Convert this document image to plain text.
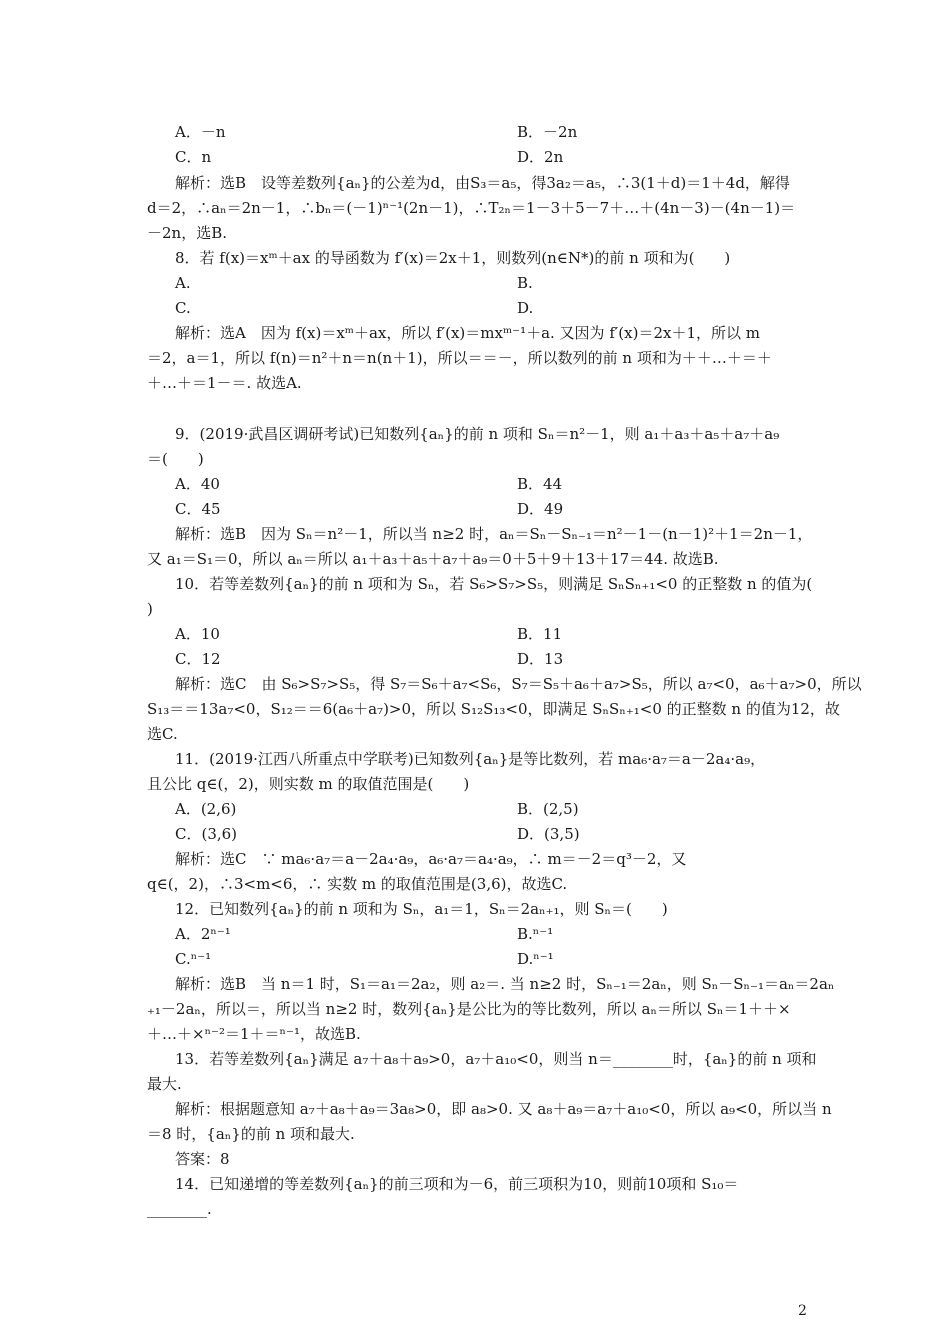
A．－n	B．－2n
C．n	D．2n
解析：选B　设等差数列{aₙ}的公差为d，由S₃＝a₅，得3a₂＝a₅，∴3(1＋d)＝1＋4d，解得
d＝2，∴aₙ＝2n－1，∴bₙ＝(－1)ⁿ⁻¹(2n－1)，∴T₂ₙ＝1－3＋5－7＋…＋(4n－3)－(4n－1)＝
－2n，选B.
8．若 f(x)＝xᵐ＋ax 的导函数为 f′(x)＝2x＋1，则数列(n∈N*)的前 n 项和为(　　)
A.	B.
C.	D.
解析：选A　因为 f(x)＝xᵐ＋ax，所以 f′(x)＝mxᵐ⁻¹＋a. 又因为 f′(x)＝2x＋1，所以 m
＝2，a＝1，所以 f(n)＝n²＋n＝n(n＋1)，所以＝＝－，所以数列的前 n 项和为＋＋…＋＝＋
＋…＋＝1－＝. 故选A.
9．(2019·武昌区调研考试)已知数列{aₙ}的前 n 项和 Sₙ＝n²－1，则 a₁＋a₃＋a₅＋a₇＋a₉
＝(　　)
A．40	B．44
C．45	D．49
解析：选B　因为 Sₙ＝n²－1，所以当 n≥2 时，aₙ＝Sₙ－Sₙ₋₁＝n²－1－(n－1)²＋1＝2n－1，
又 a₁＝S₁＝0，所以 aₙ＝所以 a₁＋a₃＋a₅＋a₇＋a₉＝0＋5＋9＋13＋17＝44. 故选B.
10．若等差数列{aₙ}的前 n 项和为 Sₙ，若 S₆>S₇>S₅，则满足 SₙSₙ₊₁<0 的正整数 n 的值为(
)
A．10	B．11
C．12	D．13
解析：选C　由 S₆>S₇>S₅，得 S₇＝S₆＋a₇<S₆，S₇＝S₅＋a₆＋a₇>S₅，所以 a₇<0，a₆＋a₇>0，所以
S₁₃＝＝13a₇<0，S₁₂＝＝6(a₆＋a₇)>0，所以 S₁₂S₁₃<0，即满足 SₙSₙ₊₁<0 的正整数 n 的值为12，故
选C.
11．(2019·江西八所重点中学联考)已知数列{aₙ}是等比数列，若 ma₆·a₇＝a－2a₄·a₉，
且公比 q∈(，2)，则实数 m 的取值范围是(　　)
A．(2,6)	B．(2,5)
C．(3,6)	D．(3,5)
解析：选C　∵ ma₆·a₇＝a－2a₄·a₉，a₆·a₇＝a₄·a₉，∴ m＝－2＝q³－2，又
q∈(，2)，∴3<m<6，∴ 实数 m 的取值范围是(3,6)，故选C.
12．已知数列{aₙ}的前 n 项和为 Sₙ，a₁＝1，Sₙ＝2aₙ₊₁，则 Sₙ＝(　　)
A．2ⁿ⁻¹	B.ⁿ⁻¹
C.ⁿ⁻¹	D.ⁿ⁻¹
解析：选B　当 n＝1 时，S₁＝a₁＝2a₂，则 a₂＝. 当 n≥2 时，Sₙ₋₁＝2aₙ，则 Sₙ－Sₙ₋₁＝aₙ＝2aₙ
₊₁－2aₙ，所以＝，所以当 n≥2 时，数列{aₙ}是公比为的等比数列，所以 aₙ＝所以 Sₙ＝1＋＋×
＋…＋×ⁿ⁻²＝1＋＝ⁿ⁻¹，故选B.
13．若等差数列{aₙ}满足 a₇＋a₈＋a₉>0，a₇＋a₁₀<0，则当 n＝________时，{aₙ}的前 n 项和
最大.
解析：根据题意知 a₇＋a₈＋a₉＝3a₈>0，即 a₈>0. 又 a₈＋a₉＝a₇＋a₁₀<0，所以 a₉<0，所以当 n
＝8 时，{aₙ}的前 n 项和最大.
答案：8
14．已知递增的等差数列{aₙ}的前三项和为－6，前三项积为10，则前10项和 S₁₀＝
________.
2
